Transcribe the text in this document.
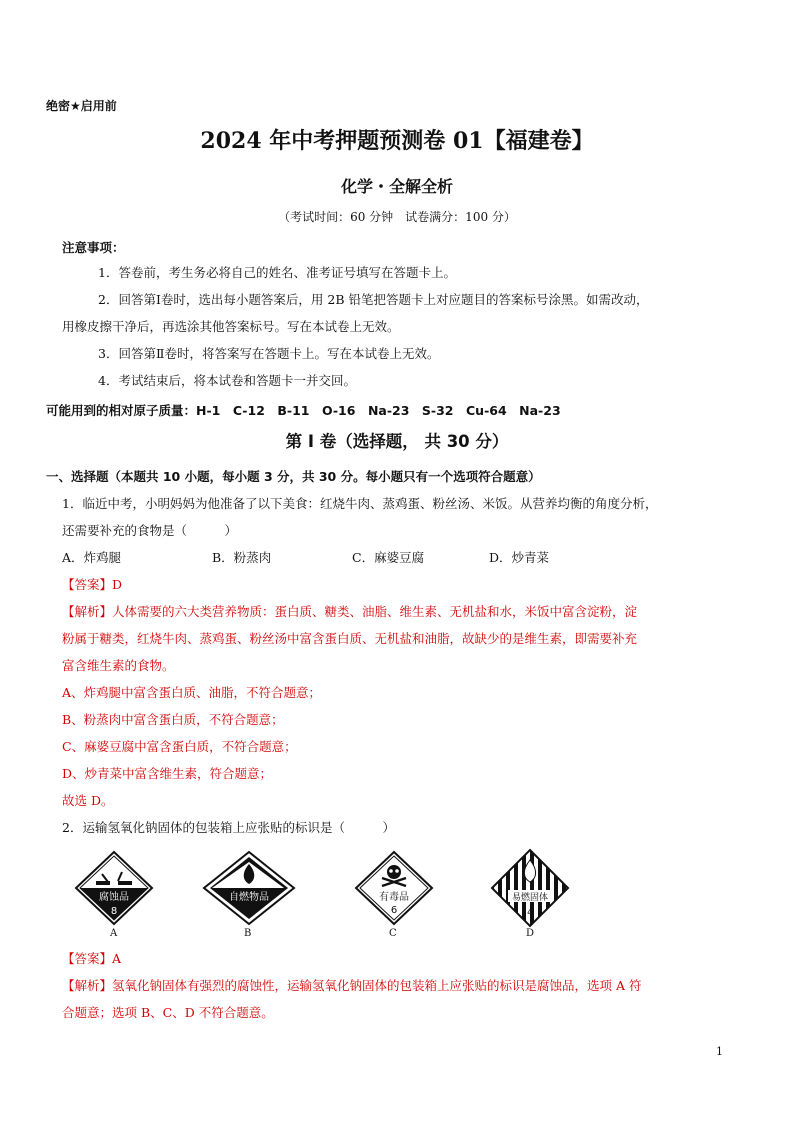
绝密★启用前
2024 年中考押题预测卷 01【福建卷】
化学・全解全析
（考试时间：60 分钟　试卷满分：100 分）
注意事项：
1．答卷前，考生务必将自己的姓名、准考证号填写在答题卡上。
2．回答第Ⅰ卷时，选出每小题答案后，用 2B 铅笔把答题卡上对应题目的答案标号涂黑。如需改动，
用橡皮擦干净后，再选涂其他答案标号。写在本试卷上无效。
3．回答第Ⅱ卷时，将答案写在答题卡上。写在本试卷上无效。
4．考试结束后，将本试卷和答题卡一并交回。
可能用到的相对原子质量：H-1　C-12　B-11　O-16　Na-23　S-32　Cu-64　Na-23
第 I 卷（选择题， 共 30 分）
一、选择题（本题共 10 小题，每小题 3 分，共 30 分。每小题只有一个选项符合题意）
1．临近中考，小明妈妈为他准备了以下美食：红烧牛肉、蒸鸡蛋、粉丝汤、米饭。从营养均衡的角度分析，
还需要补充的食物是（　　　）
A．炸鸡腿	B．粉蒸肉	C．麻婆豆腐	D．炒青菜
【答案】D
【解析】人体需要的六大类营养物质：蛋白质、糖类、油脂、维生素、无机盐和水，米饭中富含淀粉，淀
粉属于糖类，红烧牛肉、蒸鸡蛋、粉丝汤中富含蛋白质、无机盐和油脂，故缺少的是维生素，即需要补充
富含维生素的食物。
A、炸鸡腿中富含蛋白质、油脂，不符合题意；
B、粉蒸肉中富含蛋白质，不符合题意；
C、麻婆豆腐中富含蛋白质，不符合题意；
D、炒青菜中富含维生素，符合题意；
故选 D。
2．运输氢氧化钠固体的包装箱上应张贴的标识是（　　　）
腐蚀品
8
A
自燃物品
B
有毒品
6
C
易燃固体
4
D
【答案】A
【解析】氢氧化钠固体有强烈的腐蚀性，运输氢氧化钠固体的包装箱上应张贴的标识是腐蚀品，选项 A 符
合题意；选项 B、C、D 不符合题意。
1
